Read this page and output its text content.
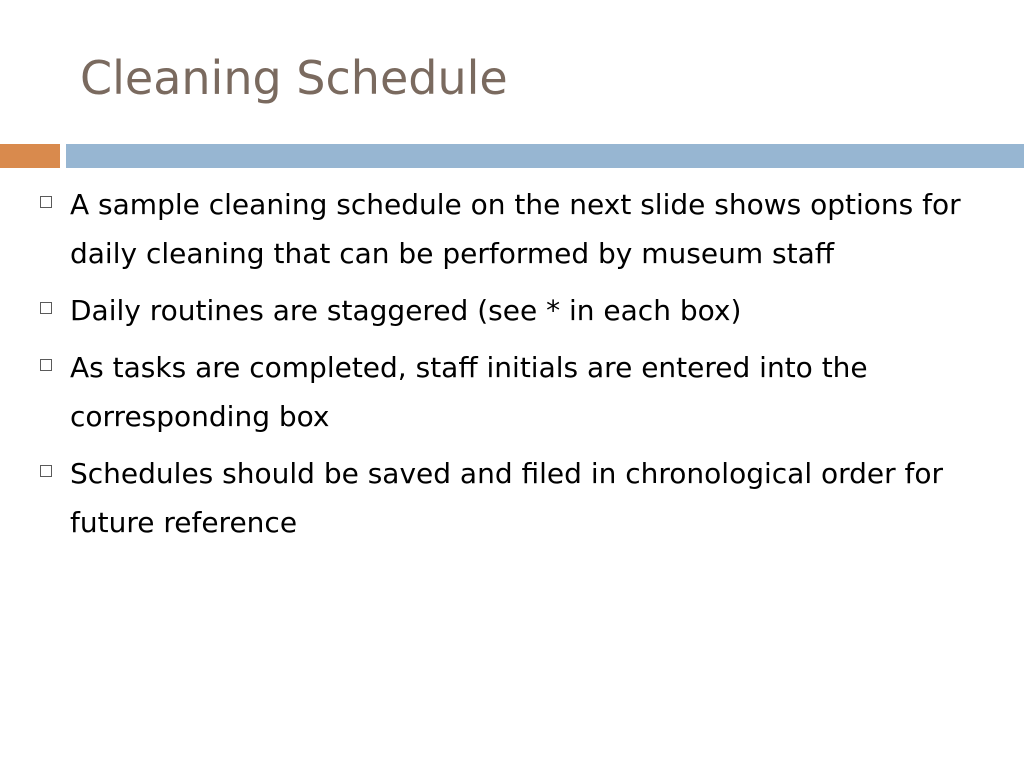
Cleaning Schedule
A sample cleaning schedule on the next slide shows options for daily cleaning that can be performed by museum staff
Daily routines are staggered (see * in each box)
As tasks are completed, staff initials are entered into the corresponding box
Schedules should be saved and filed in chronological order for future reference
